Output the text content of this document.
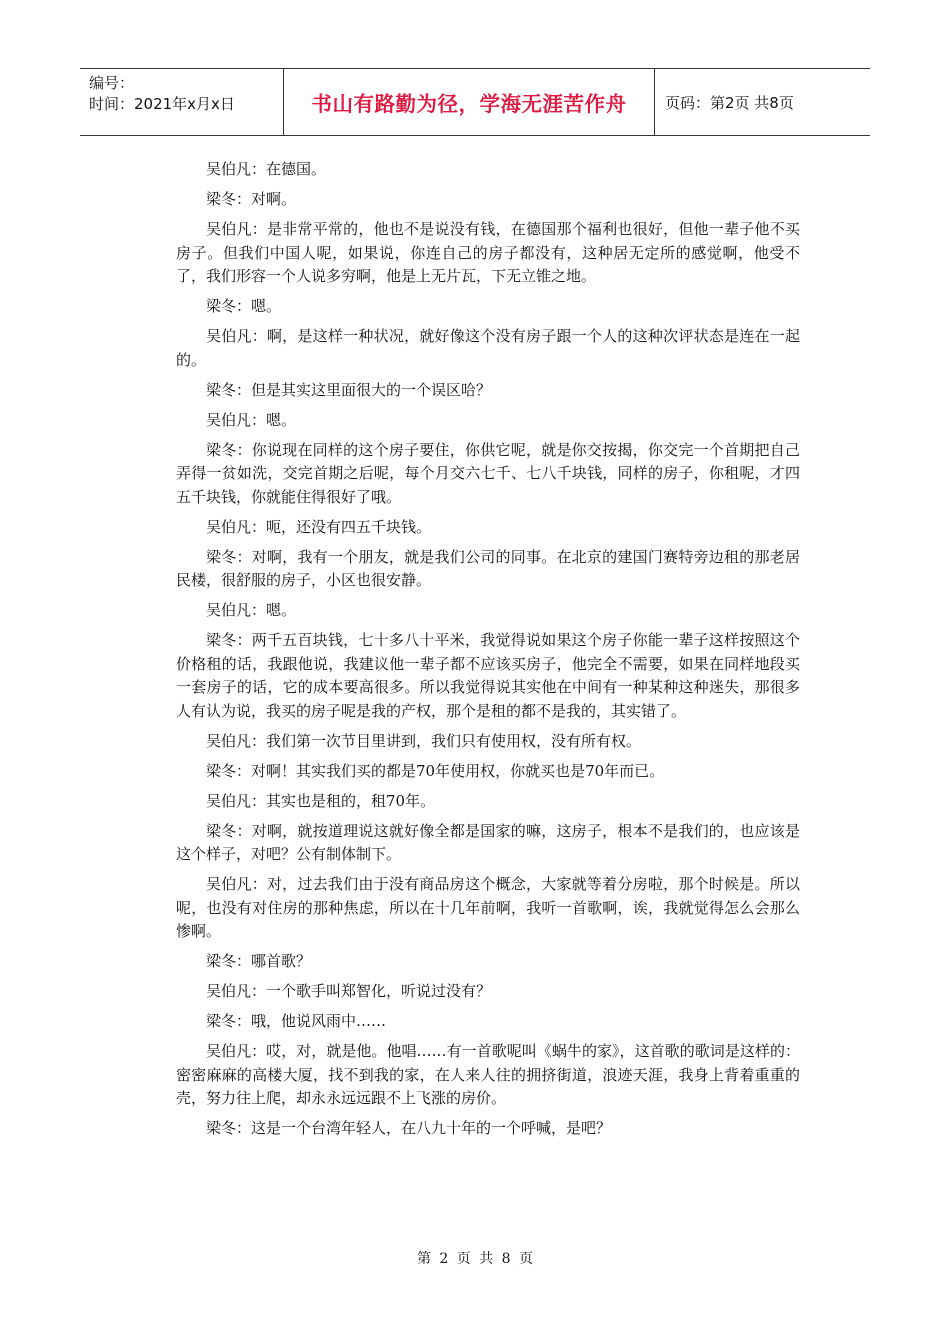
编号：
时间：2021年x月x日	书山有路勤为径，学海无涯苦作舟	页码：第2页 共8页

吴伯凡：在德国。

梁冬：对啊。

吴伯凡：是非常平常的，他也不是说没有钱，在德国那个福利也很好，但他一辈子他不买房子。但我们中国人呢，如果说，你连自己的房子都没有，这种居无定所的感觉啊，他受不了，我们形容一个人说多穷啊，他是上无片瓦，下无立锥之地。

梁冬：嗯。

吴伯凡：啊，是这样一种状况，就好像这个没有房子跟一个人的这种次评状态是连在一起的。

梁冬：但是其实这里面很大的一个误区哈？

吴伯凡：嗯。

梁冬：你说现在同样的这个房子要住，你供它呢，就是你交按揭，你交完一个首期把自己弄得一贫如洗，交完首期之后呢，每个月交六七千、七八千块钱，同样的房子，你租呢，才四五千块钱，你就能住得很好了哦。

吴伯凡：呃，还没有四五千块钱。

梁冬：对啊，我有一个朋友，就是我们公司的同事。在北京的建国门赛特旁边租的那老居民楼，很舒服的房子，小区也很安静。

吴伯凡：嗯。

梁冬：两千五百块钱，七十多八十平米，我觉得说如果这个房子你能一辈子这样按照这个价格租的话，我跟他说，我建议他一辈子都不应该买房子，他完全不需要，如果在同样地段买一套房子的话，它的成本要高很多。所以我觉得说其实他在中间有一种某种这种迷失，那很多人有认为说，我买的房子呢是我的产权，那个是租的都不是我的，其实错了。

吴伯凡：我们第一次节目里讲到，我们只有使用权，没有所有权。

梁冬：对啊！其实我们买的都是70年使用权，你就买也是70年而已。

吴伯凡：其实也是租的，租70年。

梁冬：对啊，就按道理说这就好像全都是国家的嘛，这房子，根本不是我们的，也应该是这个样子，对吧？公有制体制下。

吴伯凡：对，过去我们由于没有商品房这个概念，大家就等着分房啦，那个时候是。所以呢，也没有对住房的那种焦虑，所以在十几年前啊，我听一首歌啊，诶，我就觉得怎么会那么惨啊。

梁冬：哪首歌？

吴伯凡：一个歌手叫郑智化，听说过没有？

梁冬：哦，他说风雨中……

吴伯凡：哎，对，就是他。他唱……有一首歌呢叫《蜗牛的家》，这首歌的歌词是这样的：密密麻麻的高楼大厦，找不到我的家，在人来人往的拥挤街道，浪迹天涯，我身上背着重重的壳，努力往上爬，却永永远远跟不上飞涨的房价。

梁冬：这是一个台湾年轻人，在八九十年的一个呼喊，是吧？

第 2 页 共 8 页
